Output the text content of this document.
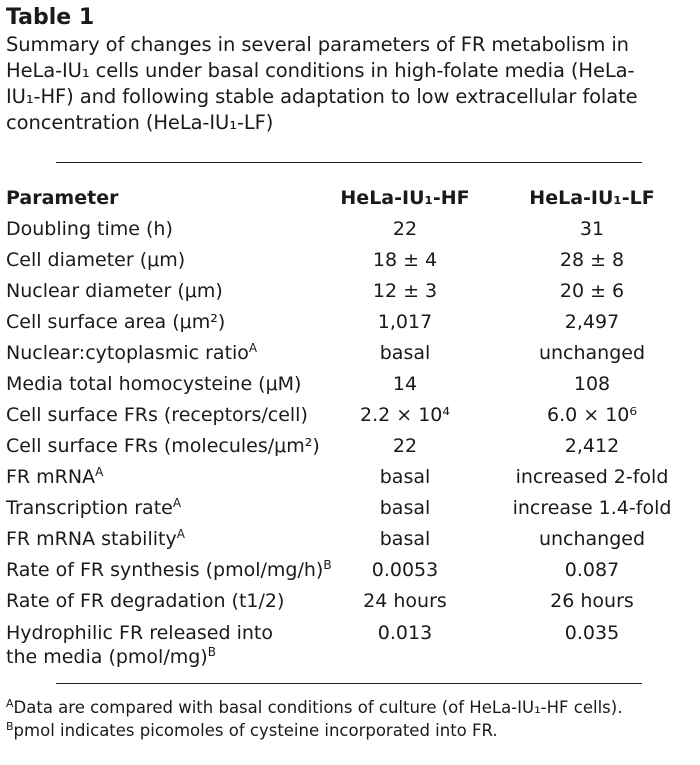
Table 1
Summary of changes in several parameters of FR metabolism in
HeLa-IU₁ cells under basal conditions in high-folate media (HeLa-
IU₁-HF) and following stable adaptation to low extracellular folate
concentration (HeLa-IU₁-LF)
Parameter	HeLa-IU₁-HF	HeLa-IU₁-LF
Doubling time (h)	22	31
Cell diameter (μm)	18 ± 4	28 ± 8
Nuclear diameter (μm)	12 ± 3	20 ± 6
Cell surface area (μm²)	1,017	2,497
Nuclear:cytoplasmic ratio$^A$	basal	unchanged
Media total homocysteine (μM)	14	108
Cell surface FRs (receptors/cell)	2.2 × 10⁴	6.0 × 10⁶
Cell surface FRs (molecules/μm²)	22	2,412
FR mRNA$^A$	basal	increased 2-fold
Transcription rate$^A$	basal	increase 1.4-fold
FR mRNA stability$^A$	basal	unchanged
Rate of FR synthesis (pmol/mg/h)$^B$	0.0053	0.087
Rate of FR degradation (t1/2)	24 hours	26 hours
Hydrophilic FR released into
the media (pmol/mg)$^B$	0.013	0.035
$^A$Data are compared with basal conditions of culture (of HeLa-IU₁-HF cells).
$^B$pmol indicates picomoles of cysteine incorporated into FR.
